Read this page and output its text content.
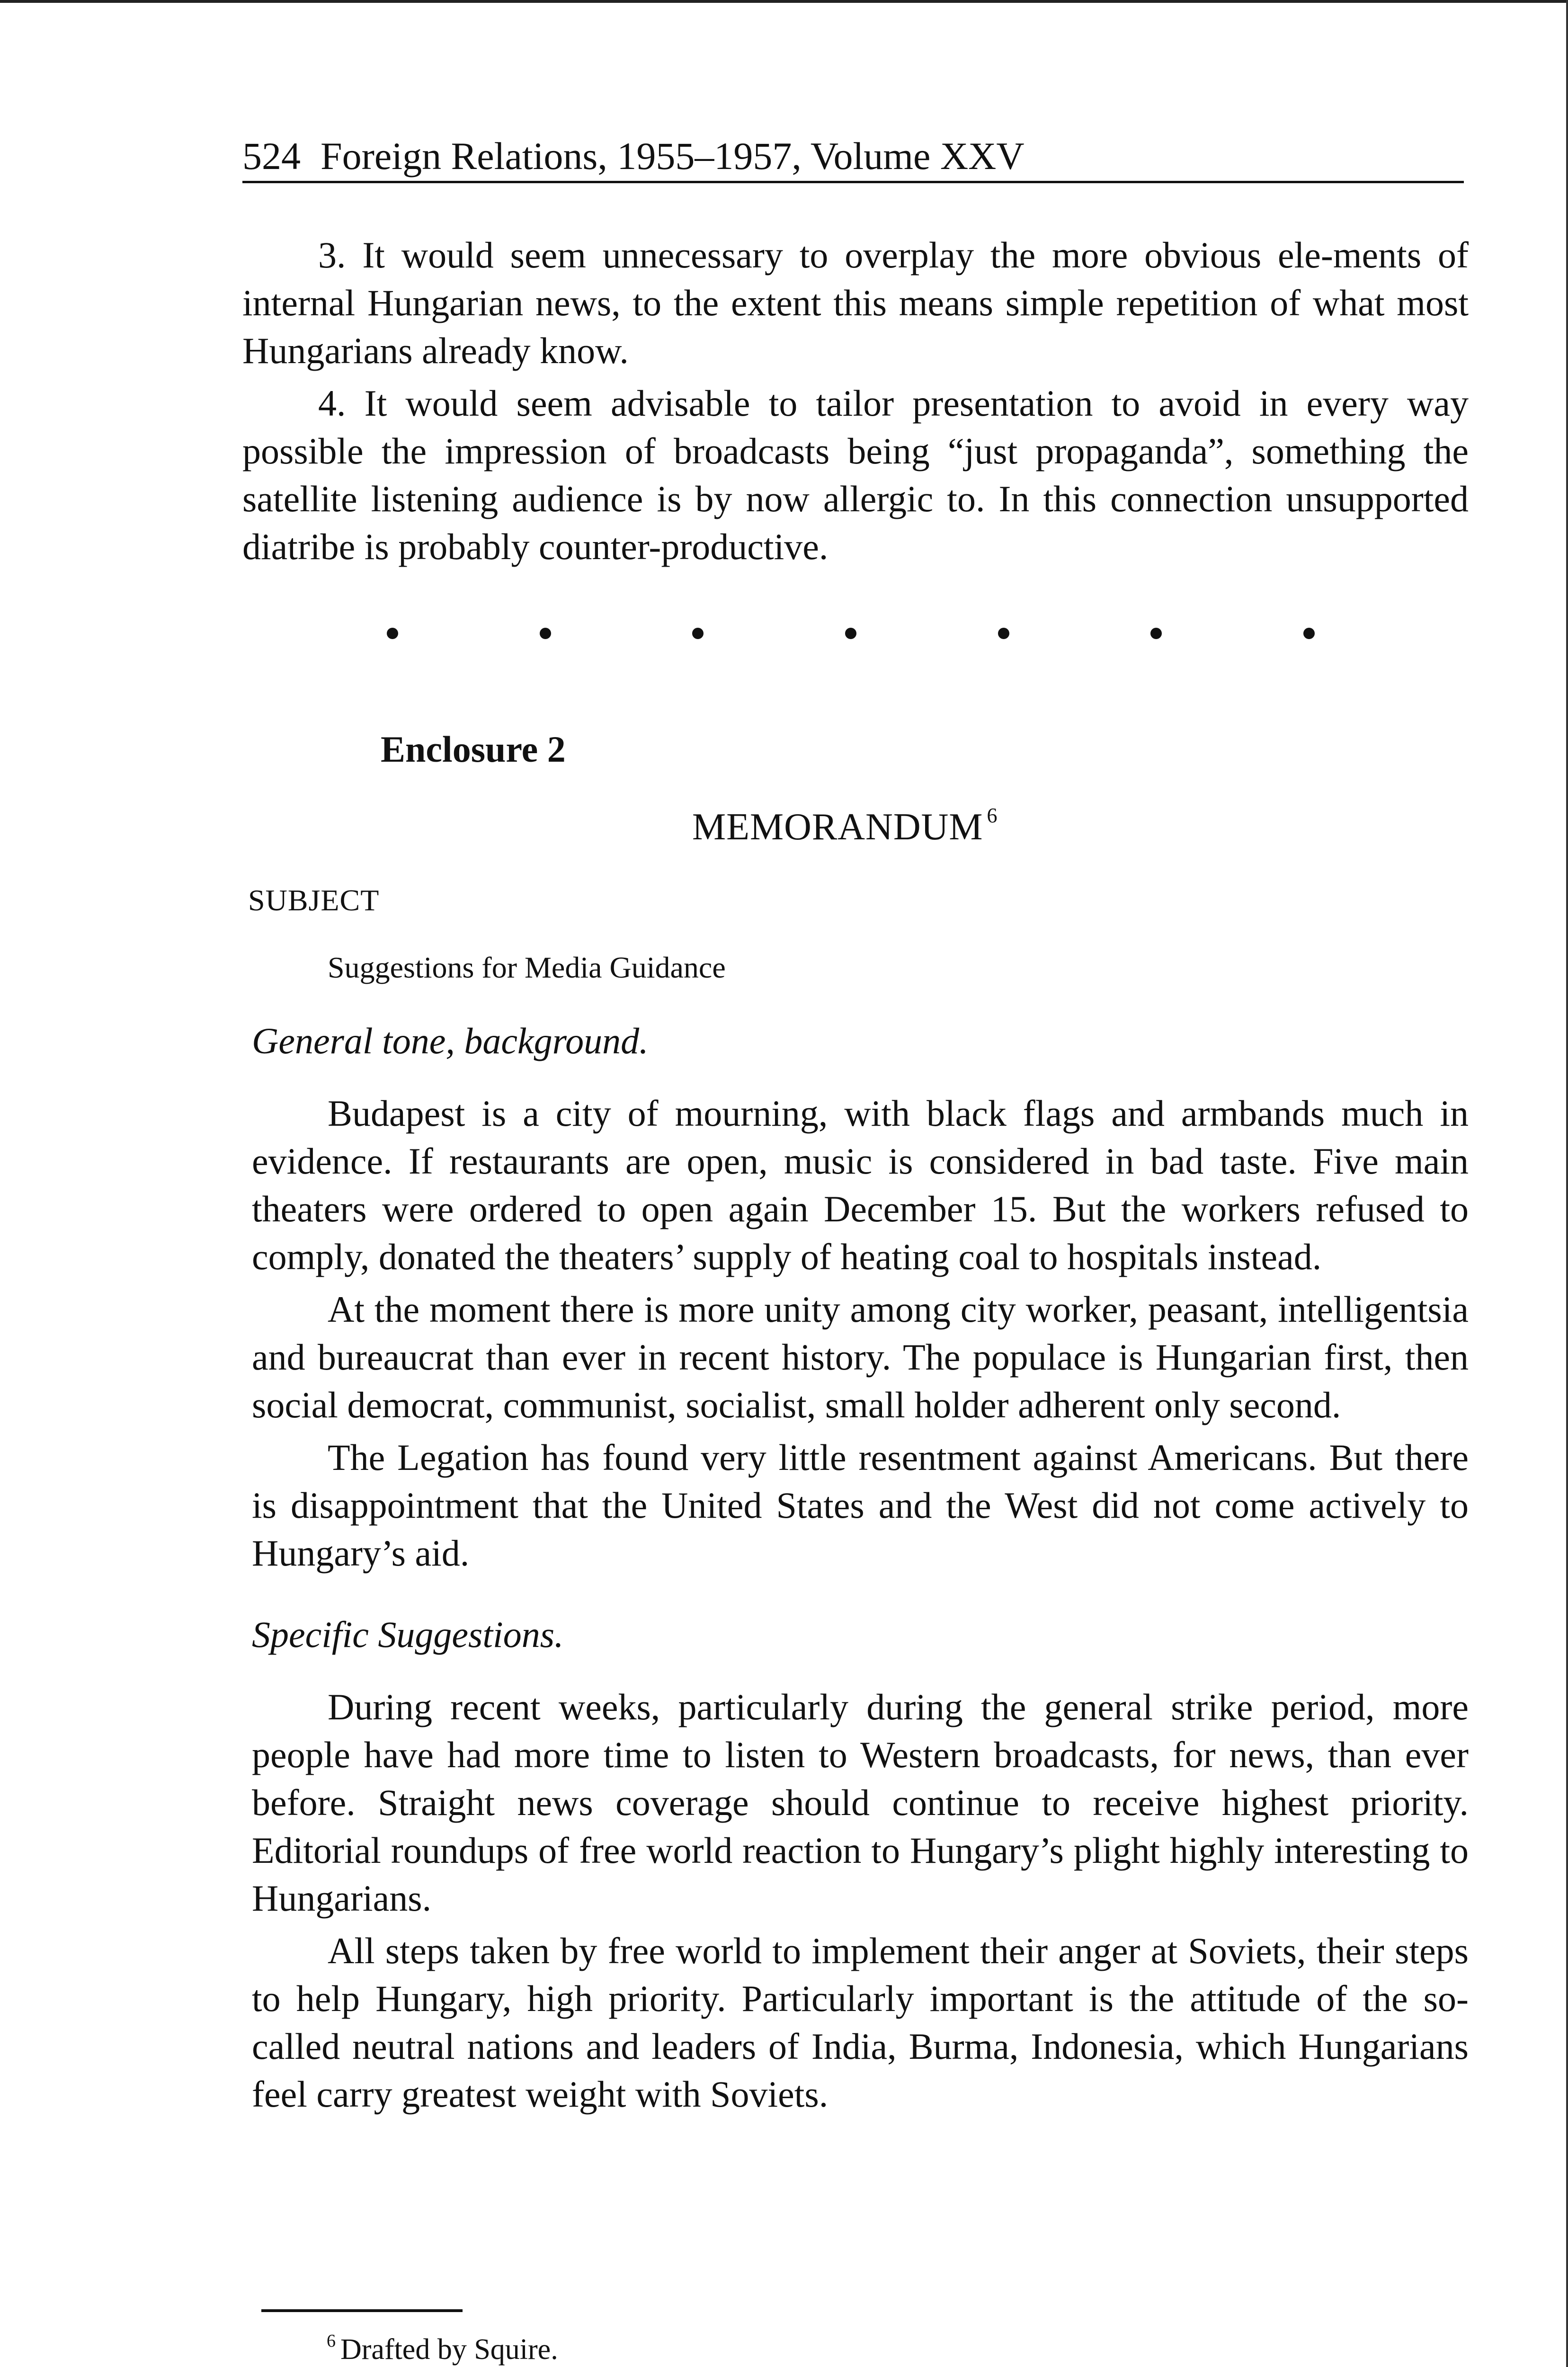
524 Foreign Relations, 1955–1957, Volume XXV

3. It would seem unnecessary to overplay the more obvious ele-ments of internal Hungarian news, to the extent this means simple repetition of what most Hungarians already know.

4. It would seem advisable to tailor presentation to avoid in every way possible the impression of broadcasts being “just propaganda”, something the satellite listening audience is by now allergic to. In this connection unsupported diatribe is probably counter-productive.

Enclosure 2
MEMORANDUM $^6$
SUBJECT
Suggestions for Media Guidance
General tone, background.

Budapest is a city of mourning, with black flags and armbands much in evidence. If restaurants are open, music is considered in bad taste. Five main theaters were ordered to open again December 15. But the workers refused to comply, donated the theaters’ supply of heating coal to hospitals instead.

At the moment there is more unity among city worker, peasant, intelligentsia and bureaucrat than ever in recent history. The populace is Hungarian first, then social democrat, communist, socialist, small holder adherent only second.

The Legation has found very little resentment against Americans. But there is disappointment that the United States and the West did not come actively to Hungary’s aid.

Specific Suggestions.

During recent weeks, particularly during the general strike period, more people have had more time to listen to Western broadcasts, for news, than ever before. Straight news coverage should continue to receive highest priority. Editorial roundups of free world reaction to Hungary’s plight highly interesting to Hungarians.

All steps taken by free world to implement their anger at Soviets, their steps to help Hungary, high priority. Particularly important is the attitude of the so-called neutral nations and leaders of India, Burma, Indonesia, which Hungarians feel carry greatest weight with Soviets.

$^6$ Drafted by Squire.
